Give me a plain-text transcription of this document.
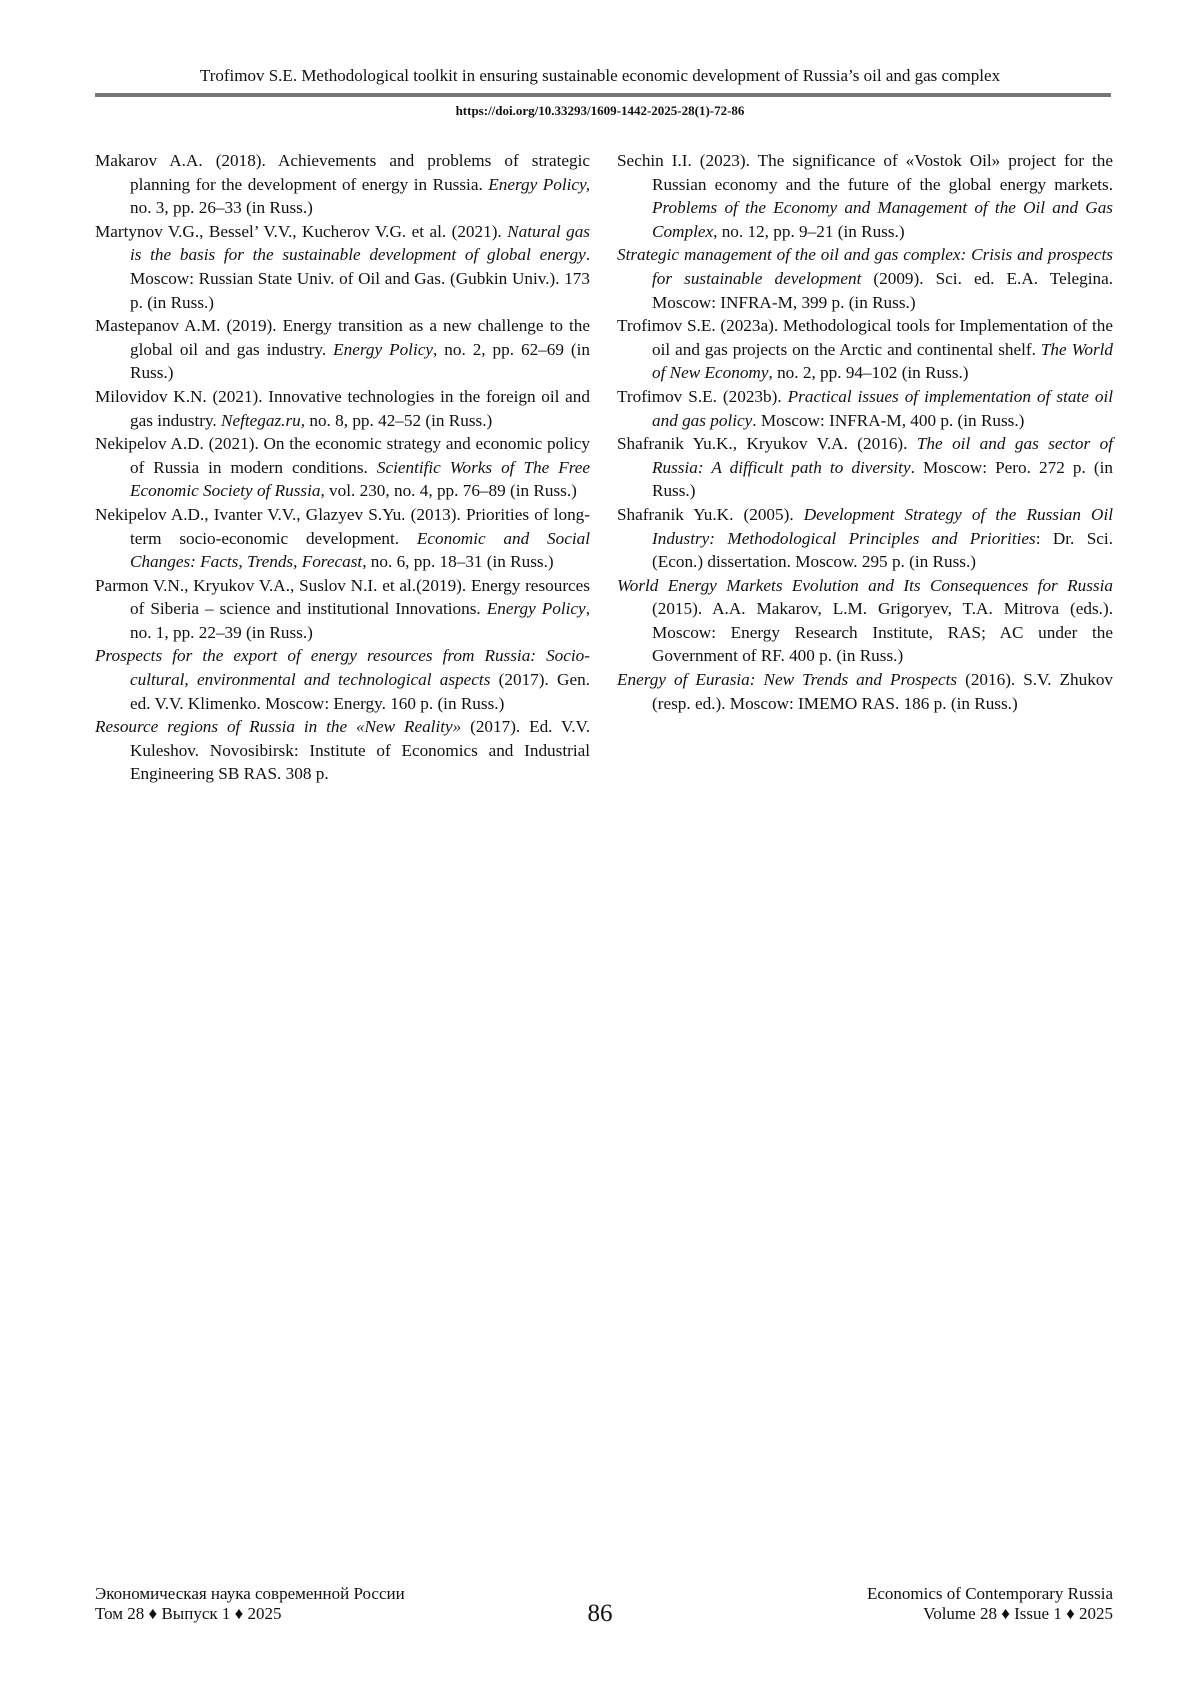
Trofimov S.E. Methodological toolkit in ensuring sustainable economic development of Russia’s oil and gas complex
https://doi.org/10.33293/1609-1442-2025-28(1)-72-86

Makarov A.A. (2018). Achievements and problems of strategic planning for the development of energy in Russia. Energy Policy, no. 3, pp. 26–33 (in Russ.)

Martynov V.G., Bessel’ V.V., Kucherov V.G. et al. (2021). Natural gas is the basis for the sustainable development of global energy. Moscow: Russian State Univ. of Oil and Gas. (Gubkin Univ.). 173 p. (in Russ.)

Mastepanov A.M. (2019). Energy transition as a new challenge to the global oil and gas industry. Energy Policy, no. 2, pp. 62–69 (in Russ.)

Milovidov K.N. (2021). Innovative technologies in the foreign oil and gas industry. Neftegaz.ru, no. 8, pp. 42–52 (in Russ.)

Nekipelov A.D. (2021). On the economic strategy and economic policy of Russia in modern conditions. Scientific Works of The Free Economic Society of Russia, vol. 230, no. 4, pp. 76–89 (in Russ.)

Nekipelov A.D., Ivanter V.V., Glazyev S.Yu. (2013). Priorities of long-term socio-economic development. Economic and Social Changes: Facts, Trends, Forecast, no. 6, pp. 18–31 (in Russ.)

Parmon V.N., Kryukov V.A., Suslov N.I. et al.(2019). Energy resources of Siberia – science and institutional Innovations. Energy Policy, no. 1, pp. 22–39 (in Russ.)

Prospects for the export of energy resources from Russia: Socio-cultural, environmental and technological aspects (2017). Gen. ed. V.V. Klimenko. Moscow: Energy. 160 p. (in Russ.)

Resource regions of Russia in the «New Reality» (2017). Ed. V.V. Kuleshov. Novosibirsk: Institute of Economics and Industrial Engineering SB RAS. 308 p.

Sechin I.I. (2023). The significance of «Vostok Oil» project for the Russian economy and the future of the global energy markets. Problems of the Economy and Management of the Oil and Gas Complex, no. 12, pp. 9–21 (in Russ.)

Strategic management of the oil and gas complex: Crisis and prospects for sustainable development (2009). Sci. ed. E.A. Telegina. Moscow: INFRA-M, 399 p. (in Russ.)

Trofimov S.E. (2023a). Methodological tools for Implementation of the oil and gas projects on the Arctic and continental shelf. The World of New Economy, no. 2, pp. 94–102 (in Russ.)

Trofimov S.E. (2023b). Practical issues of implementation of state oil and gas policy. Moscow: INFRA-M, 400 p. (in Russ.)

Shafranik Yu.K., Kryukov V.A. (2016). The oil and gas sector of Russia: A difficult path to diversity. Moscow: Pero. 272 p. (in Russ.)

Shafranik Yu.K. (2005). Development Strategy of the Russian Oil Industry: Methodological Principles and Priorities: Dr. Sci. (Econ.) dissertation. Moscow. 295 p. (in Russ.)

World Energy Markets Evolution and Its Consequences for Russia (2015). A.A. Makarov, L.M. Grigoryev, T.A. Mitrova (eds.). Moscow: Energy Research Institute, RAS; AC under the Government of RF. 400 p. (in Russ.)

Energy of Eurasia: New Trends and Prospects (2016). S.V. Zhukov (resp. ed.). Moscow: IMEMO RAS. 186 p. (in Russ.)

Экономическая наука современной России
Том 28 ♦ Выпуск 1 ♦ 2025	86
Economics of Contemporary Russia
Volume 28 ♦ Issue 1 ♦ 2025
